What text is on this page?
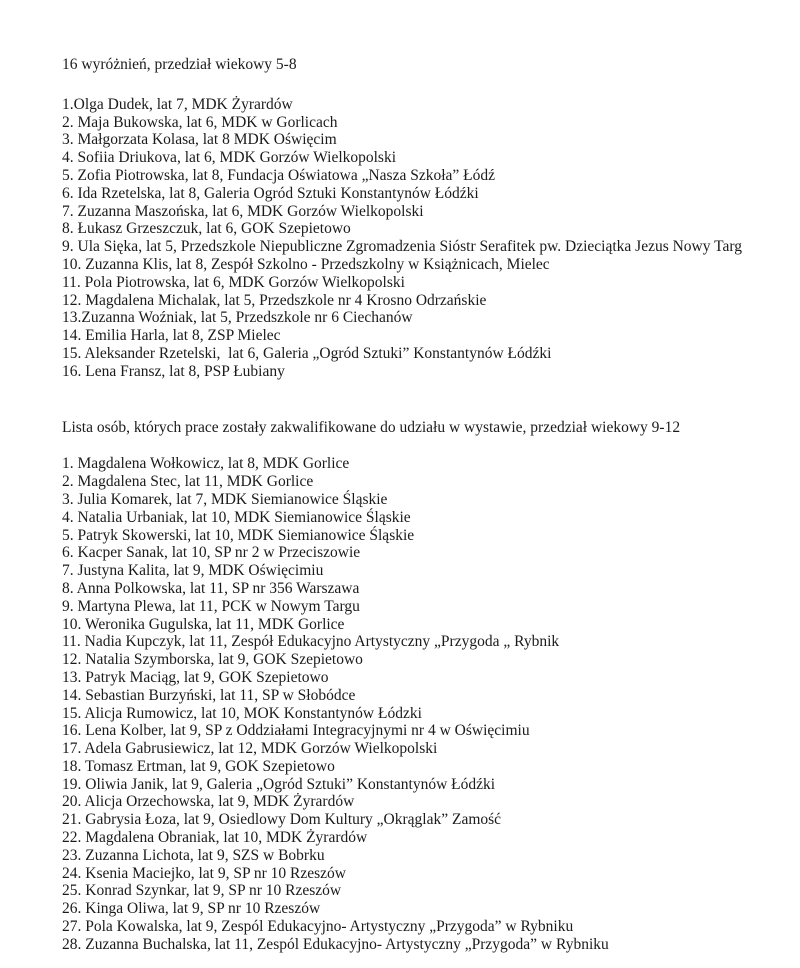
16 wyróżnień, przedział wiekowy 5-8

1.Olga Dudek, lat 7, MDK Żyrardów

2. Maja Bukowska, lat 6, MDK w Gorlicach

3. Małgorzata Kolasa, lat 8 MDK Oświęcim

4. Sofiia Driukova, lat 6, MDK Gorzów Wielkopolski

5. Zofia Piotrowska, lat 8, Fundacja Oświatowa „Nasza Szkoła” Łódź

6. Ida Rzetelska, lat 8, Galeria Ogród Sztuki Konstantynów Łódźki

7. Zuzanna Maszońska, lat 6, MDK Gorzów Wielkopolski

8. Łukasz Grzeszczuk, lat 6, GOK Szepietowo

9. Ula Sięka, lat 5, Przedszkole Niepubliczne Zgromadzenia Sióstr Serafitek pw. Dzieciątka Jezus Nowy Targ

10. Zuzanna Klis, lat 8, Zespół Szkolno - Przedszkolny w Książnicach, Mielec

11. Pola Piotrowska, lat 6, MDK Gorzów Wielkopolski

12. Magdalena Michalak, lat 5, Przedszkole nr 4 Krosno Odrzańskie

13.Zuzanna Woźniak, lat 5, Przedszkole nr 6 Ciechanów

14. Emilia Harla, lat 8, ZSP Mielec

15. Aleksander Rzetelski,  lat 6, Galeria „Ogród Sztuki” Konstantynów Łódźki

16. Lena Fransz, lat 8, PSP Łubiany

Lista osób, których prace zostały zakwalifikowane do udziału w wystawie, przedział wiekowy 9-12

1. Magdalena Wołkowicz, lat 8, MDK Gorlice

2. Magdalena Stec, lat 11, MDK Gorlice

3. Julia Komarek, lat 7, MDK Siemianowice Śląskie

4. Natalia Urbaniak, lat 10, MDK Siemianowice Śląskie

5. Patryk Skowerski, lat 10, MDK Siemianowice Śląskie

6. Kacper Sanak, lat 10, SP nr 2 w Przeciszowie

7. Justyna Kalita, lat 9, MDK Oświęcimiu

8. Anna Polkowska, lat 11, SP nr 356 Warszawa

9. Martyna Plewa, lat 11, PCK w Nowym Targu

10. Weronika Gugulska, lat 11, MDK Gorlice

11. Nadia Kupczyk, lat 11, Zespół Edukacyjno Artystyczny „Przygoda „ Rybnik

12. Natalia Szymborska, lat 9, GOK Szepietowo

13. Patryk Maciąg, lat 9, GOK Szepietowo

14. Sebastian Burzyński, lat 11, SP w Słobódce

15. Alicja Rumowicz, lat 10, MOK Konstantynów Łódzki

16. Lena Kolber, lat 9, SP z Oddziałami Integracyjnymi nr 4 w Oświęcimiu

17. Adela Gabrusiewicz, lat 12, MDK Gorzów Wielkopolski

18. Tomasz Ertman, lat 9, GOK Szepietowo

19. Oliwia Janik, lat 9, Galeria „Ogród Sztuki” Konstantynów Łódźki

20. Alicja Orzechowska, lat 9, MDK Żyrardów

21. Gabrysia Łoza, lat 9, Osiedlowy Dom Kultury „Okrąglak” Zamość

22. Magdalena Obraniak, lat 10, MDK Żyrardów

23. Zuzanna Lichota, lat 9, SZS w Bobrku

24. Ksenia Maciejko, lat 9, SP nr 10 Rzeszów

25. Konrad Szynkar, lat 9, SP nr 10 Rzeszów

26. Kinga Oliwa, lat 9, SP nr 10 Rzeszów

27. Pola Kowalska, lat 9, Zespól Edukacyjno- Artystyczny „Przygoda” w Rybniku

28. Zuzanna Buchalska, lat 11, Zespól Edukacyjno- Artystyczny „Przygoda” w Rybniku
